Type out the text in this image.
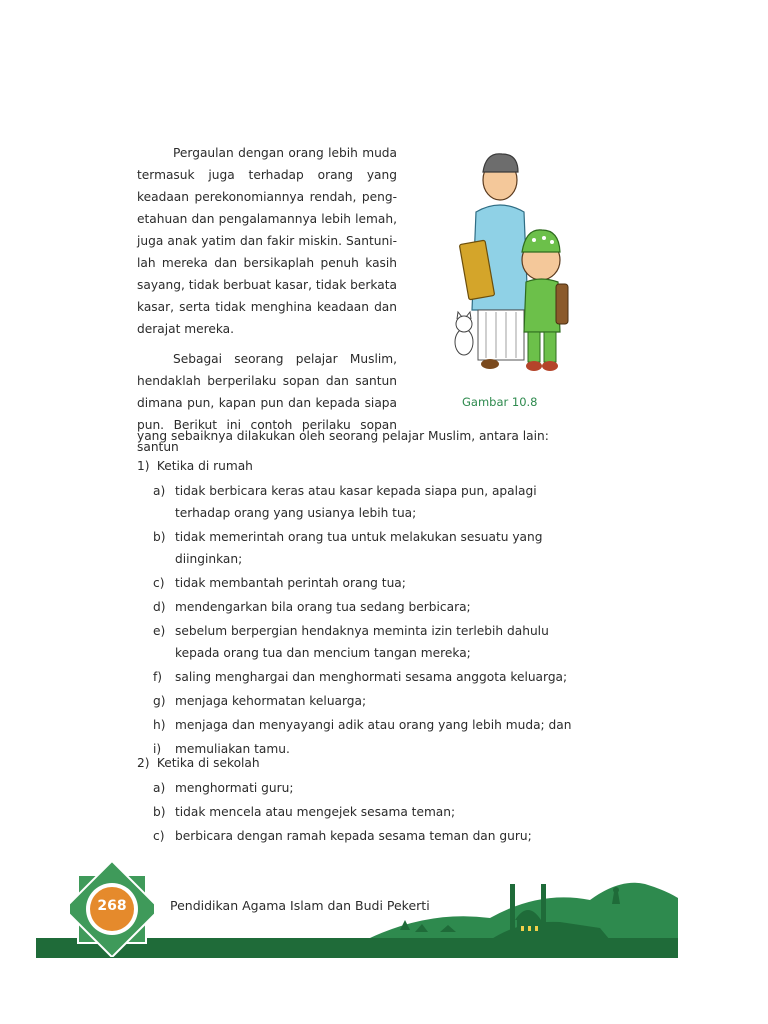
Pergaulan dengan orang lebih muda termasuk juga terhadap orang yang keadaan perekonomiannya rendah, peng-etahuan dan pengalamannya lebih lemah, juga anak yatim dan fakir miskin. Santuni-lah mereka dan bersikaplah penuh kasih sayang, tidak berbuat kasar, tidak berkata kasar, serta tidak menghina keadaan dan derajat mereka.

Sebagai seorang pelajar Muslim, hendaklah berperilaku sopan dan santun dimana pun, kapan pun dan kepada siapa pun. Berikut ini contoh perilaku sopan santun

yang sebaiknya dilakukan oleh seorang pelajar Muslim, antara lain:
Gambar 10.8
1) Ketika di rumah
a) tidak berbicara keras atau kasar kepada siapa pun, apalagi terhadap orang yang usianya lebih tua;
b) tidak memerintah orang tua untuk melakukan sesuatu yang diinginkan;
c) tidak membantah perintah orang tua;
d) mendengarkan bila orang tua sedang berbicara;
e) sebelum berpergian hendaknya meminta izin terlebih dahulu kepada orang tua dan mencium tangan mereka;
f) saling menghargai dan menghormati sesama anggota keluarga;
g) menjaga kehormatan keluarga;
h) menjaga dan menyayangi adik atau orang yang lebih muda; dan
i) memuliakan tamu.
2) Ketika di sekolah
a) menghormati guru;
b) tidak mencela atau mengejek sesama teman;
c) berbicara dengan ramah kepada sesama teman dan guru;
Pendidikan Agama Islam dan Budi Pekerti
268
